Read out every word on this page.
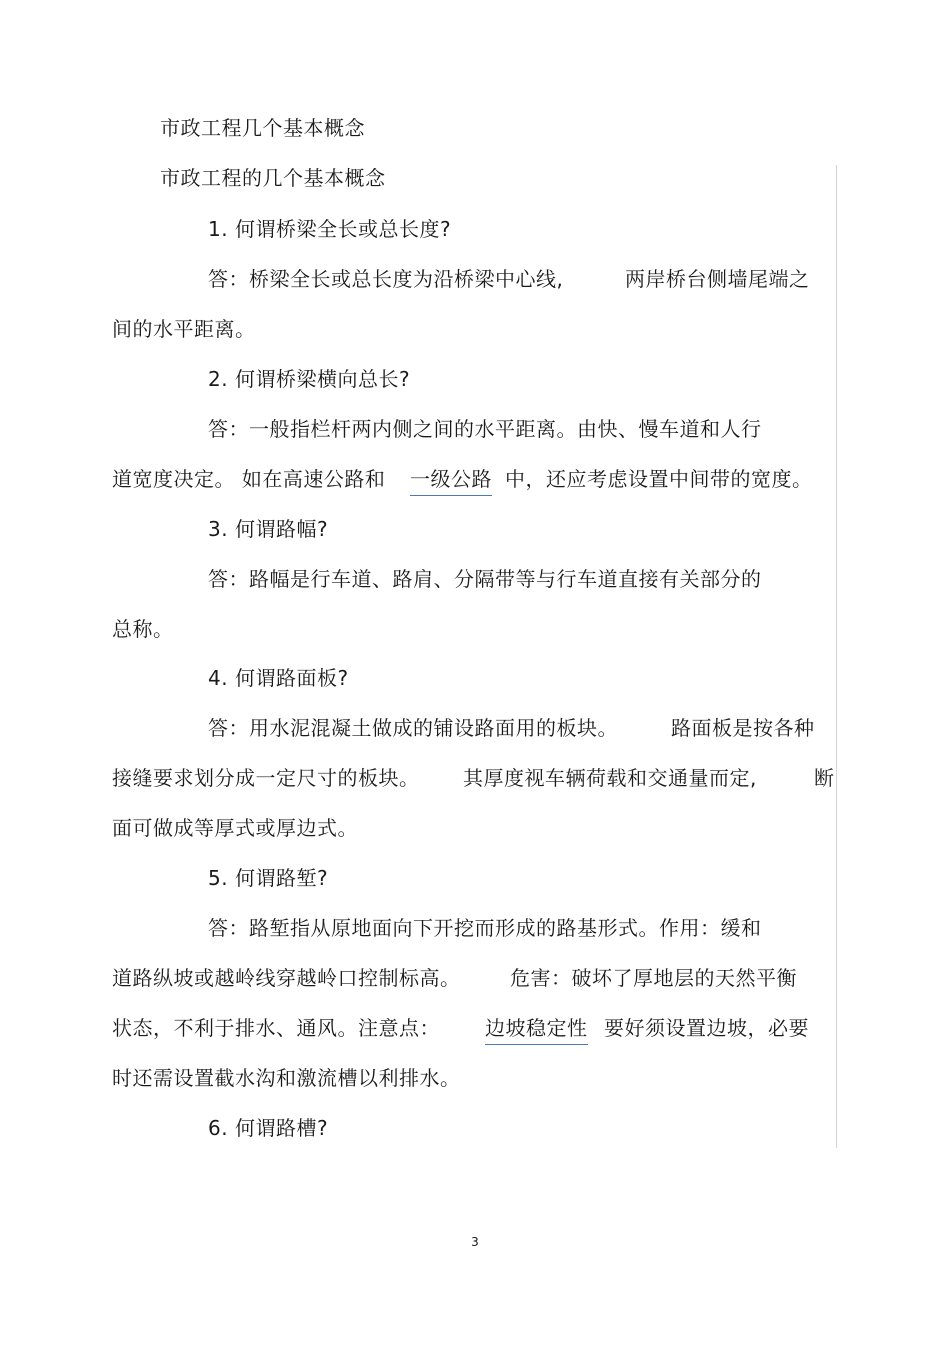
市政工程几个基本概念
市政工程的几个基本概念
1. 何谓桥梁全长或总长度?
答：桥梁全长或总长度为沿桥梁中心线,	两岸桥台侧墙尾端之
间的水平距离。
2. 何谓桥梁横向总长?
答：一般指栏杆两内侧之间的水平距离。由快、慢车道和人行
道宽度决定。 如在高速公路和 一级公路 中，还应考虑设置中间带的宽度。
3. 何谓路幅?
答：路幅是行车道、路肩、分隔带等与行车道直接有关部分的
总称。
4. 何谓路面板?
答：用水泥混凝土做成的铺设路面用的板块。	路面板是按各种
接缝要求划分成一定尺寸的板块。 其厚度视车辆荷载和交通量而定,	断
面可做成等厚式或厚边式。
5. 何谓路堑?
答：路堑指从原地面向下开挖而形成的路基形式。作用：缓和
道路纵坡或越岭线穿越岭口控制标高。 危害：破坏了厚地层的天然平衡
状态，不利于排水、通风。注意点： 边坡稳定性 要好须设置边坡，必要
时还需设置截水沟和激流槽以利排水。
6. 何谓路槽?
3
